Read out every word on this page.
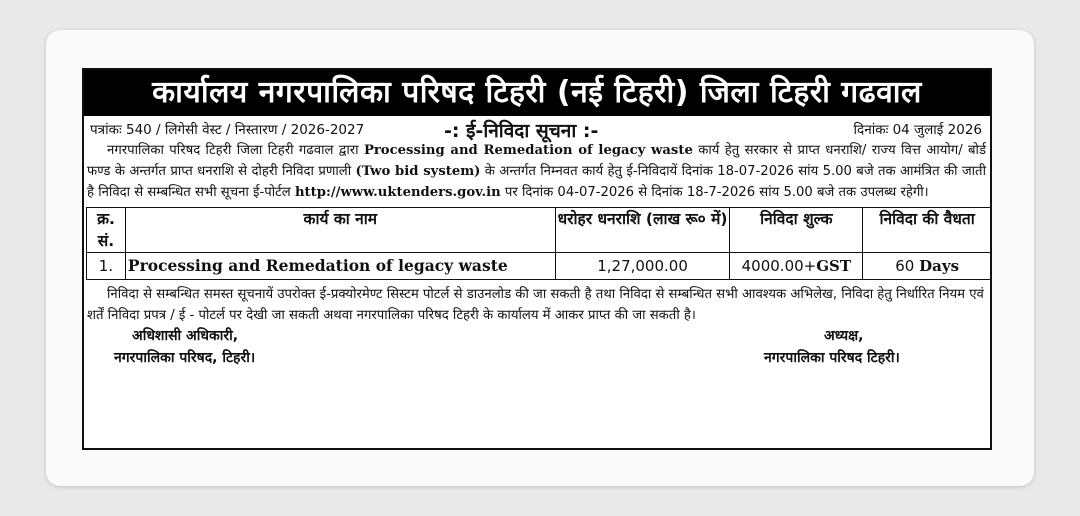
कार्यालय नगरपालिका परिषद टिहरी (नई टिहरी) जिला टिहरी गढवाल
पत्रांकः 540 / लिगेसी वेस्ट / निस्तारण / 2026-2027	-: ई-निविदा सूचना :-	दिनांकः 04 जुलाई 2026

नगरपालिका परिषद टिहरी जिला टिहरी गढवाल द्वारा Processing and Remedation of legacy waste कार्य हेतु सरकार से प्राप्त धनराशि/ राज्य वित्त आयोग/ बोर्ड फण्ड के अन्तर्गत प्राप्त धनराशि से दोहरी निविदा प्रणाली (Two bid system) के अन्तर्गत निम्नवत कार्य हेतु ई-निविदायें दिनांक 18-07-2026 सांय 5.00 बजे तक आमंत्रित की जाती है निविदा से सम्बन्धित सभी सूचना ई-पोर्टल http://www.uktenders.gov.in पर दिनांक 04-07-2026 से दिनांक 18-7-2026 सांय 5.00 बजे तक उपलब्ध रहेगी।

क्र. सं.	कार्य का नाम	धरोहर धनराशि (लाख रू० में)	निविदा शुल्क	निविदा की वैधता
1.	Processing and Remedation of legacy waste	1,27,000.00	4000.00+GST	60 Days

निविदा से सम्बन्धित समस्त सूचनायें उपरोक्त ई-प्रक्योरमेण्ट सिस्टम पोटर्ल से डाउनलोड की जा सकती है तथा निविदा से सम्बन्धित सभी आवश्यक अभिलेख, निविदा हेतु निर्धारित नियम एवं शर्तें निविदा प्रपत्र / ई - पोटर्ल पर देखी जा सकती अथवा नगरपालिका परिषद टिहरी के कार्यालय में आकर प्राप्त की जा सकती है।

अधिशासी अधिकारी,
नगरपालिका परिषद, टिहरी।
अध्यक्ष,
नगरपालिका परिषद टिहरी।
